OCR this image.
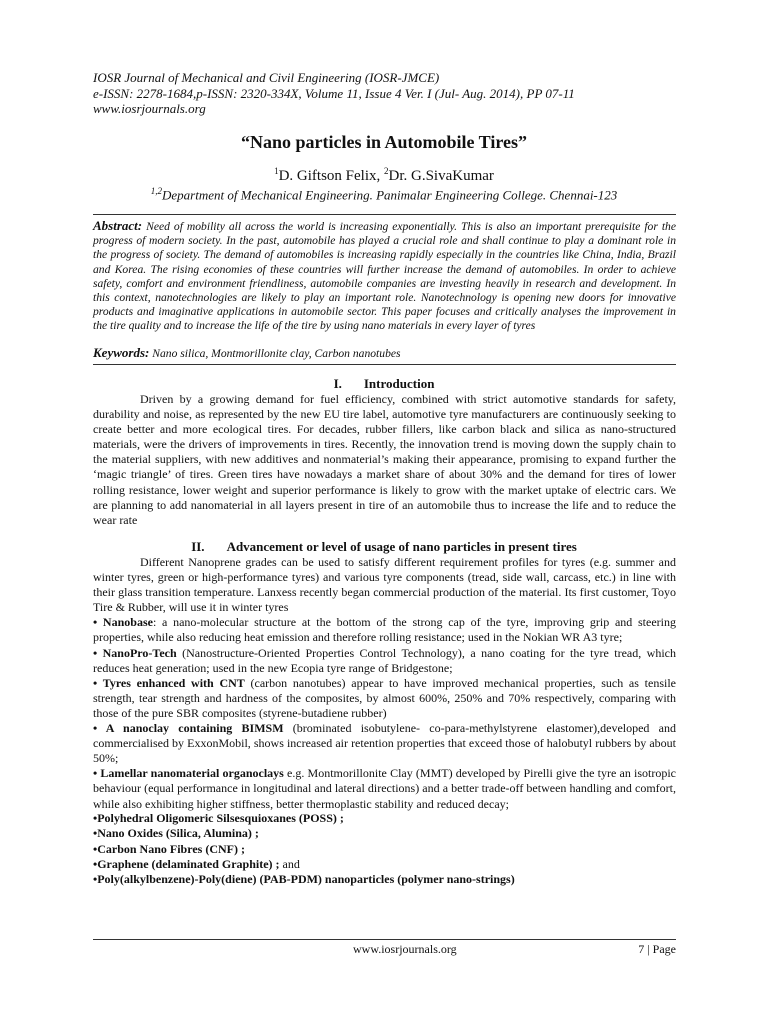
IOSR Journal of Mechanical and Civil Engineering (IOSR-JMCE)
e-ISSN: 2278-1684,p-ISSN: 2320-334X, Volume 11, Issue 4 Ver. I (Jul- Aug. 2014), PP 07-11
www.iosrjournals.org
“Nano particles in Automobile Tires”
$^1$D. Giftson Felix, $^2$Dr. G.SivaKumar
$^{1,2}$Department of Mechanical Engineering. Panimalar Engineering College. Chennai-123
Abstract: Need of mobility all across the world is increasing exponentially. This is also an important prerequisite for the progress of modern society. In the past, automobile has played a crucial role and shall continue to play a dominant role in the progress of society. The demand of automobiles is increasing rapidly especially in the countries like China, India, Brazil and Korea. The rising economies of these countries will further increase the demand of automobiles. In order to achieve safety, comfort and environment friendliness, automobile companies are investing heavily in research and development. In this context, nanotechnologies are likely to play an important role. Nanotechnology is opening new doors for innovative products and imaginative applications in automobile sector. This paper focuses and critically analyses the improvement in the tire quality and to increase the life of the tire by using nano materials in every layer of tyres
Keywords: Nano silica, Montmorillonite clay, Carbon nanotubes
I. Introduction

Driven by a growing demand for fuel efficiency, combined with strict automotive standards for safety, durability and noise, as represented by the new EU tire label, automotive tyre manufacturers are continuously seeking to create better and more ecological tires. For decades, rubber fillers, like carbon black and silica as nano-structured materials, were the drivers of improvements in tires. Recently, the innovation trend is moving down the supply chain to the material suppliers, with new additives and nonmaterial’s making their appearance, promising to expand further the ‘magic triangle’ of tires. Green tires have nowadays a market share of about 30% and the demand for tires of lower rolling resistance, lower weight and superior performance is likely to grow with the market uptake of electric cars. We are planning to add nanomaterial in all layers present in tire of an automobile thus to increase the life and to reduce the wear rate

II. Advancement or level of usage of nano particles in present tires

Different Nanoprene grades can be used to satisfy different requirement profiles for tyres (e.g. summer and winter tyres, green or high-performance tyres) and various tyre components (tread, side wall, carcass, etc.) in line with their glass transition temperature. Lanxess recently began commercial production of the material. Its first customer, Toyo Tire & Rubber, will use it in winter tyres

• Nanobase: a nano-molecular structure at the bottom of the strong cap of the tyre, improving grip and steering properties, while also reducing heat emission and therefore rolling resistance; used in the Nokian WR A3 tyre;

• NanoPro-Tech (Nanostructure-Oriented Properties Control Technology), a nano coating for the tyre tread, which reduces heat generation; used in the new Ecopia tyre range of Bridgestone;

• Tyres enhanced with CNT (carbon nanotubes) appear to have improved mechanical properties, such as tensile strength, tear strength and hardness of the composites, by almost 600%, 250% and 70% respectively, comparing with those of the pure SBR composites (styrene-butadiene rubber)

• A nanoclay containing BIMSM (brominated isobutylene- co-para-methylstyrene elastomer),developed and commercialised by ExxonMobil, shows increased air retention properties that exceed those of halobutyl rubbers by about 50%;

• Lamellar nanomaterial organoclays e.g. Montmorillonite Clay (MMT) developed by Pirelli give the tyre an isotropic behaviour (equal performance in longitudinal and lateral directions) and a better trade-off between handling and comfort, while also exhibiting higher stiffness, better thermoplastic stability and reduced decay;

•Polyhedral Oligomeric Silsesquioxanes (POSS) ;
•Nano Oxides (Silica, Alumina) ;
•Carbon Nano Fibres (CNF) ;
•Graphene (delaminated Graphite) ; and
•Poly(alkylbenzene)-Poly(diene) (PAB-PDM) nanoparticles (polymer nano-strings)
www.iosrjournals.org	7 | Page
